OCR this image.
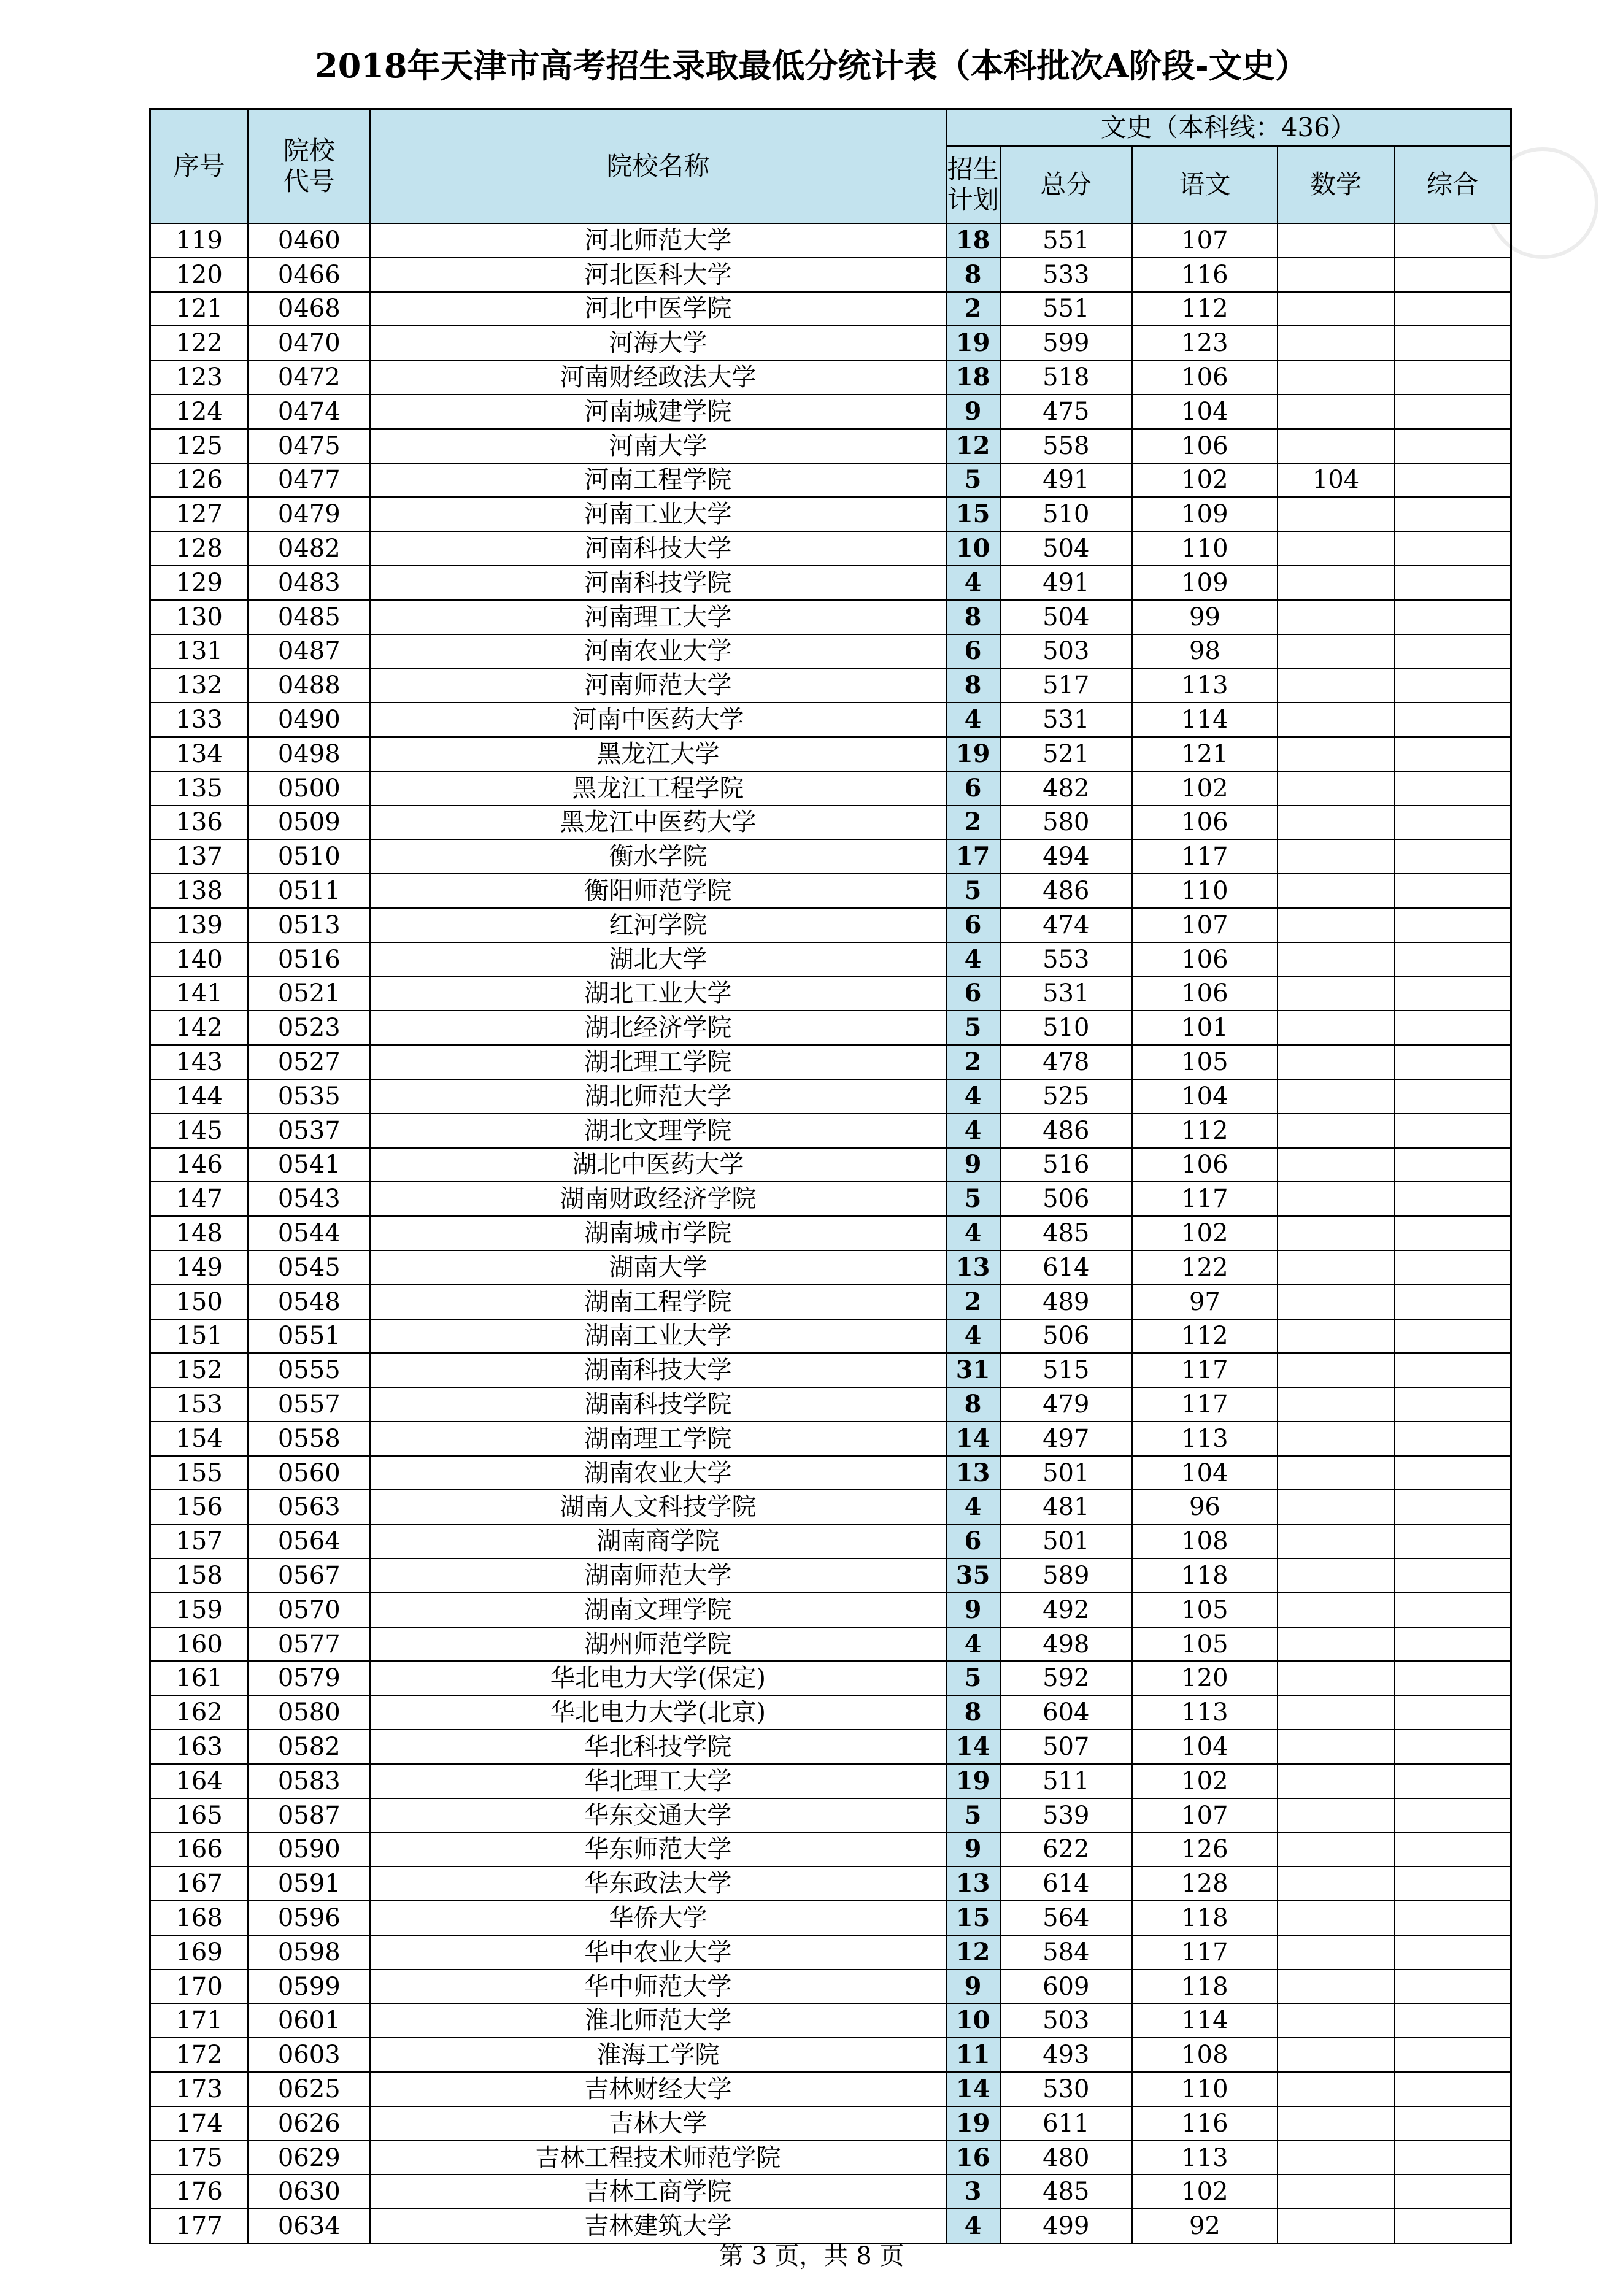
2018年天津市高考招生录取最低分统计表（本科批次A阶段-文史）
序号	院校
代号	院校名称	文史（本科线：436）				
			招生
计划	总分	语文	数学	综合
119	0460	河北师范大学	18	551	107		
120	0466	河北医科大学	8	533	116		
121	0468	河北中医学院	2	551	112		
122	0470	河海大学	19	599	123		
123	0472	河南财经政法大学	18	518	106		
124	0474	河南城建学院	9	475	104		
125	0475	河南大学	12	558	106		
126	0477	河南工程学院	5	491	102	104	
127	0479	河南工业大学	15	510	109		
128	0482	河南科技大学	10	504	110		
129	0483	河南科技学院	4	491	109		
130	0485	河南理工大学	8	504	99		
131	0487	河南农业大学	6	503	98		
132	0488	河南师范大学	8	517	113		
133	0490	河南中医药大学	4	531	114		
134	0498	黑龙江大学	19	521	121		
135	0500	黑龙江工程学院	6	482	102		
136	0509	黑龙江中医药大学	2	580	106		
137	0510	衡水学院	17	494	117		
138	0511	衡阳师范学院	5	486	110		
139	0513	红河学院	6	474	107		
140	0516	湖北大学	4	553	106		
141	0521	湖北工业大学	6	531	106		
142	0523	湖北经济学院	5	510	101		
143	0527	湖北理工学院	2	478	105		
144	0535	湖北师范大学	4	525	104		
145	0537	湖北文理学院	4	486	112		
146	0541	湖北中医药大学	9	516	106		
147	0543	湖南财政经济学院	5	506	117		
148	0544	湖南城市学院	4	485	102		
149	0545	湖南大学	13	614	122		
150	0548	湖南工程学院	2	489	97		
151	0551	湖南工业大学	4	506	112		
152	0555	湖南科技大学	31	515	117		
153	0557	湖南科技学院	8	479	117		
154	0558	湖南理工学院	14	497	113		
155	0560	湖南农业大学	13	501	104		
156	0563	湖南人文科技学院	4	481	96		
157	0564	湖南商学院	6	501	108		
158	0567	湖南师范大学	35	589	118		
159	0570	湖南文理学院	9	492	105		
160	0577	湖州师范学院	4	498	105		
161	0579	华北电力大学(保定)	5	592	120		
162	0580	华北电力大学(北京)	8	604	113		
163	0582	华北科技学院	14	507	104		
164	0583	华北理工大学	19	511	102		
165	0587	华东交通大学	5	539	107		
166	0590	华东师范大学	9	622	126		
167	0591	华东政法大学	13	614	128		
168	0596	华侨大学	15	564	118		
169	0598	华中农业大学	12	584	117		
170	0599	华中师范大学	9	609	118		
171	0601	淮北师范大学	10	503	114		
172	0603	淮海工学院	11	493	108		
173	0625	吉林财经大学	14	530	110		
174	0626	吉林大学	19	611	116		
175	0629	吉林工程技术师范学院	16	480	113		
176	0630	吉林工商学院	3	485	102		
177	0634	吉林建筑大学	4	499	92		
第 3 页，共 8 页
